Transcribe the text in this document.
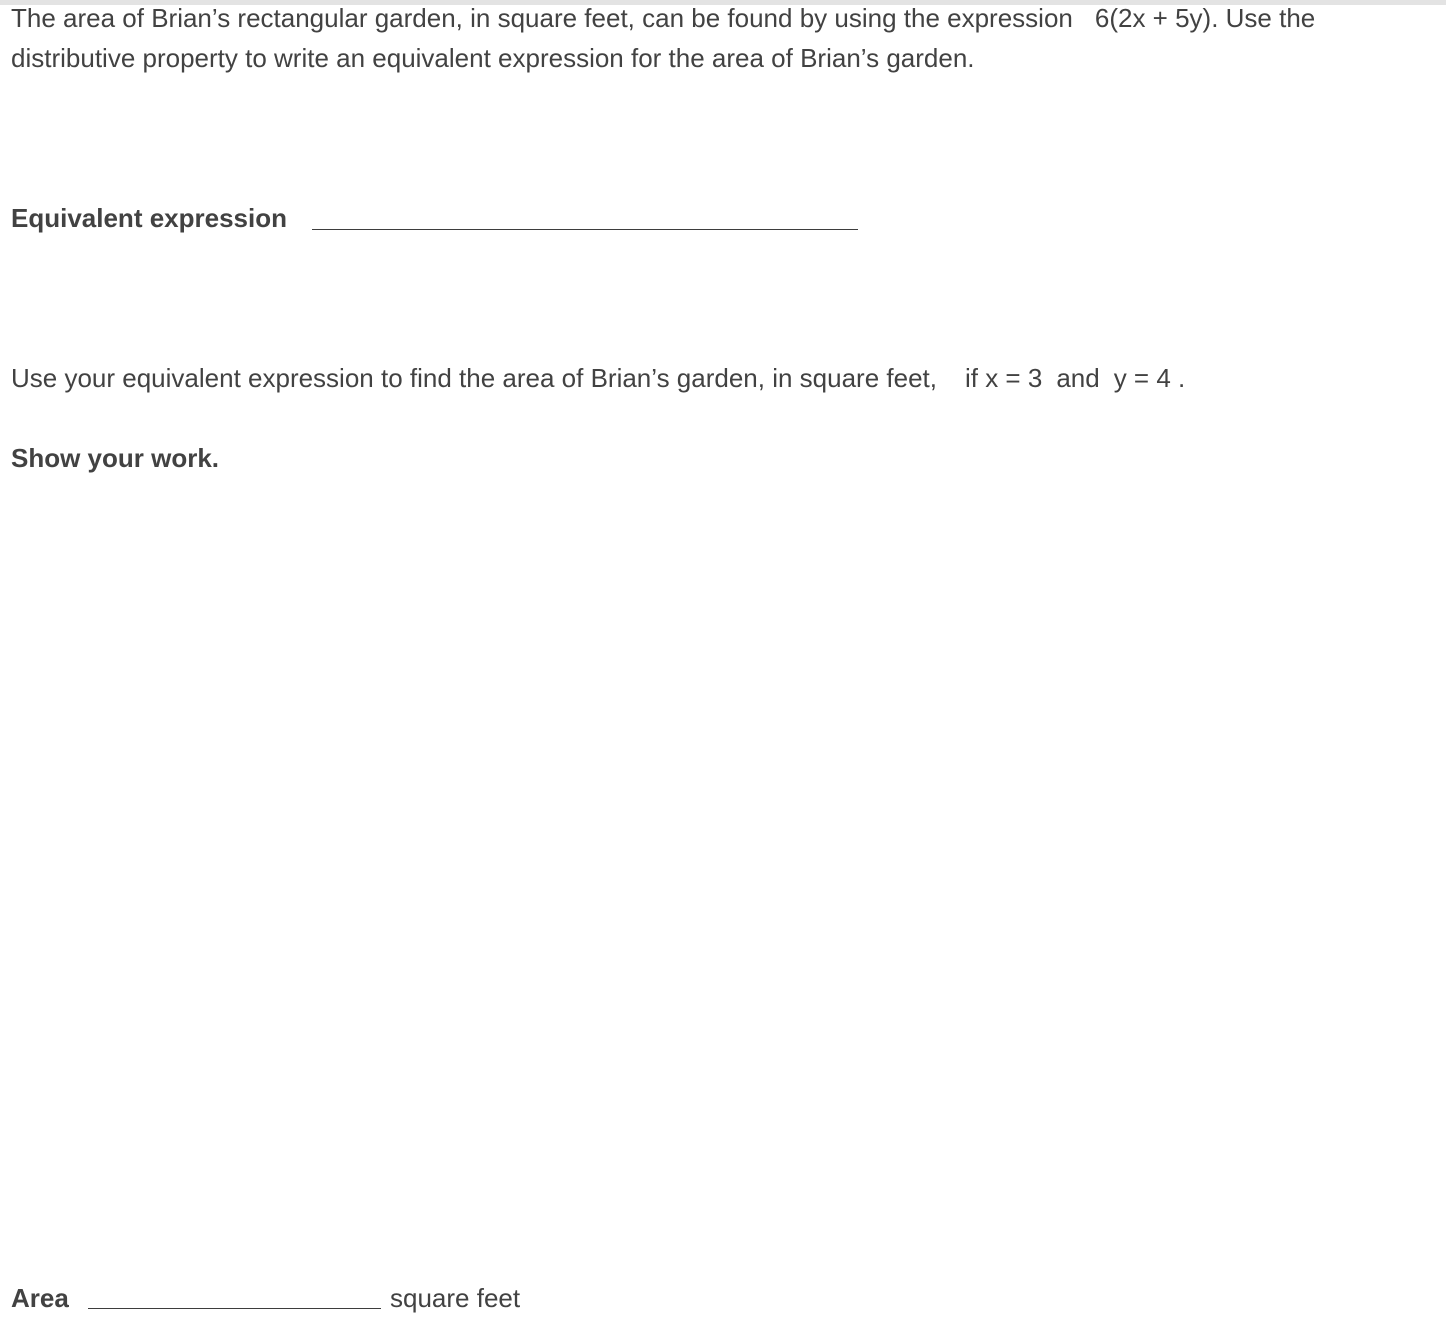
The area of Brian’s rectangular garden, in square feet, can be found by using the expression 6(2x + 5y). Use the
distributive property to write an equivalent expression for the area of Brian’s garden.
Equivalent expression
Use your equivalent expression to find the area of Brian’s garden, in square feet, if x = 3 and y = 4 .
Show your work.
Area	square feet
